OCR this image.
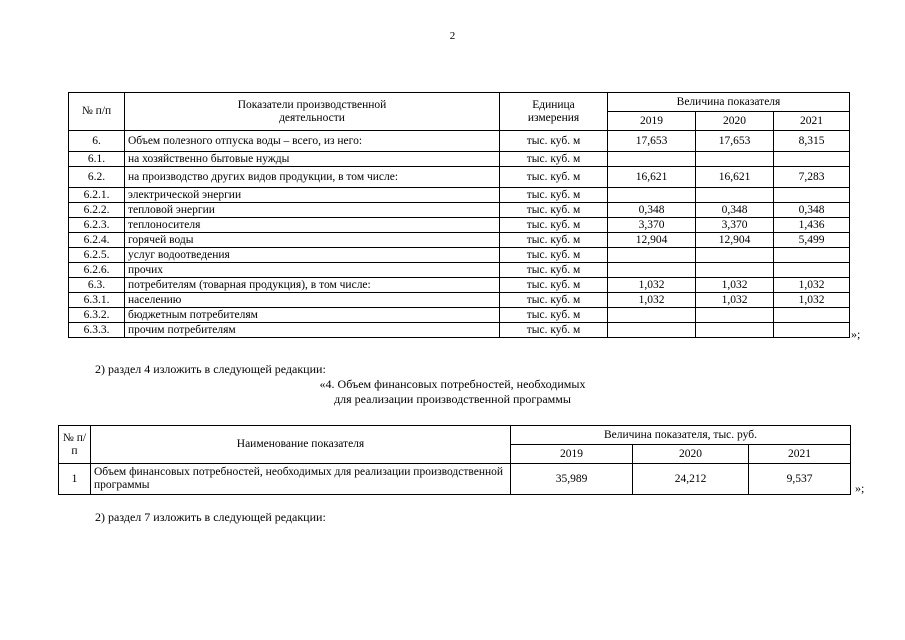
2
№ п/п	Показатели производственной деятельности	Единица измерения	Величина показателя		
			2019	2020	2021
6.	Объем полезного отпуска воды – всего, из него:	тыс. куб. м	17,653	17,653	8,315
6.1.	на хозяйственно бытовые нужды	тыс. куб. м			
6.2.	на производство других видов продукции, в том числе:	тыс. куб. м	16,621	16,621	7,283
6.2.1.	электрической энергии	тыс. куб. м			
6.2.2.	тепловой энергии	тыс. куб. м	0,348	0,348	0,348
6.2.3.	теплоносителя	тыс. куб. м	3,370	3,370	1,436
6.2.4.	горячей воды	тыс. куб. м	12,904	12,904	5,499
6.2.5.	услуг водоотведения	тыс. куб. м			
6.2.6.	прочих	тыс. куб. м			
6.3.	потребителям (товарная продукция), в том числе:	тыс. куб. м	1,032	1,032	1,032
6.3.1.	населению	тыс. куб. м	1,032	1,032	1,032
6.3.2.	бюджетным потребителям	тыс. куб. м			
6.3.3.	прочим потребителям	тыс. куб. м				»;
2) раздел 4 изложить в следующей редакции:
«4. Объем финансовых потребностей, необходимых
для реализации производственной программы
№ п/п	Наименование показателя	Величина показателя, тыс. руб.		
		2019	2020	2021
1	Объем финансовых потребностей, необходимых для реализации производственной программы	35,989	24,212	9,537
»;
2) раздел 7 изложить в следующей редакции:
